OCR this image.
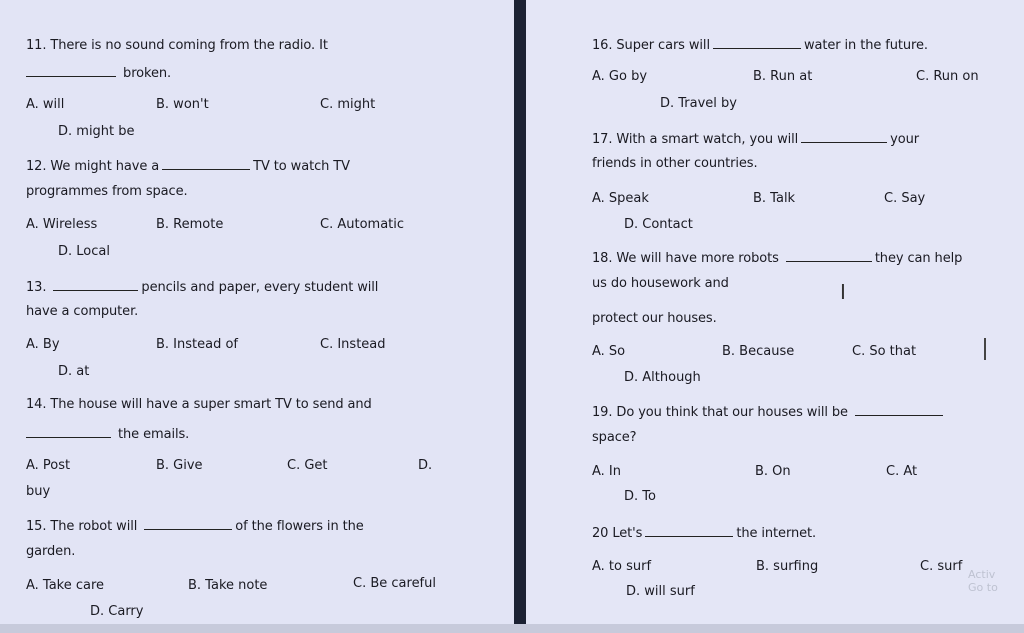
11. There is no sound coming from the radio. It
broken.
A. will	B. won't	C. might
D. might be
12. We might have a	TV to watch TV
programmes from space.
A. Wireless	B. Remote	C. Automatic
D. Local
13.	pencils and paper, every student will
have a computer.
A. By	B. Instead of	C. Instead
D. at
14. The house will have a super smart TV to send and
the emails.
A. Post	B. Give	C. Get	D.
buy
15. The robot will	of the flowers in the
garden.
A. Take care	B. Take note	C. Be careful
D. Carry
16. Super cars will	water in the future.
A. Go by	B. Run at	C. Run on
D. Travel by
17. With a smart watch, you will	your
friends in other countries.
A. Speak	B. Talk	C. Say
D. Contact
18. We will have more robots	they can help
us do housework and
protect our houses.
A. So	B. Because	C. So that
D. Although
19. Do you think that our houses will be
space?
A. In	B. On	C. At
D. To
20 Let's	the internet.
A. to surf	B. surfing	C. surf
D. will surf
I
Activ
Go to
